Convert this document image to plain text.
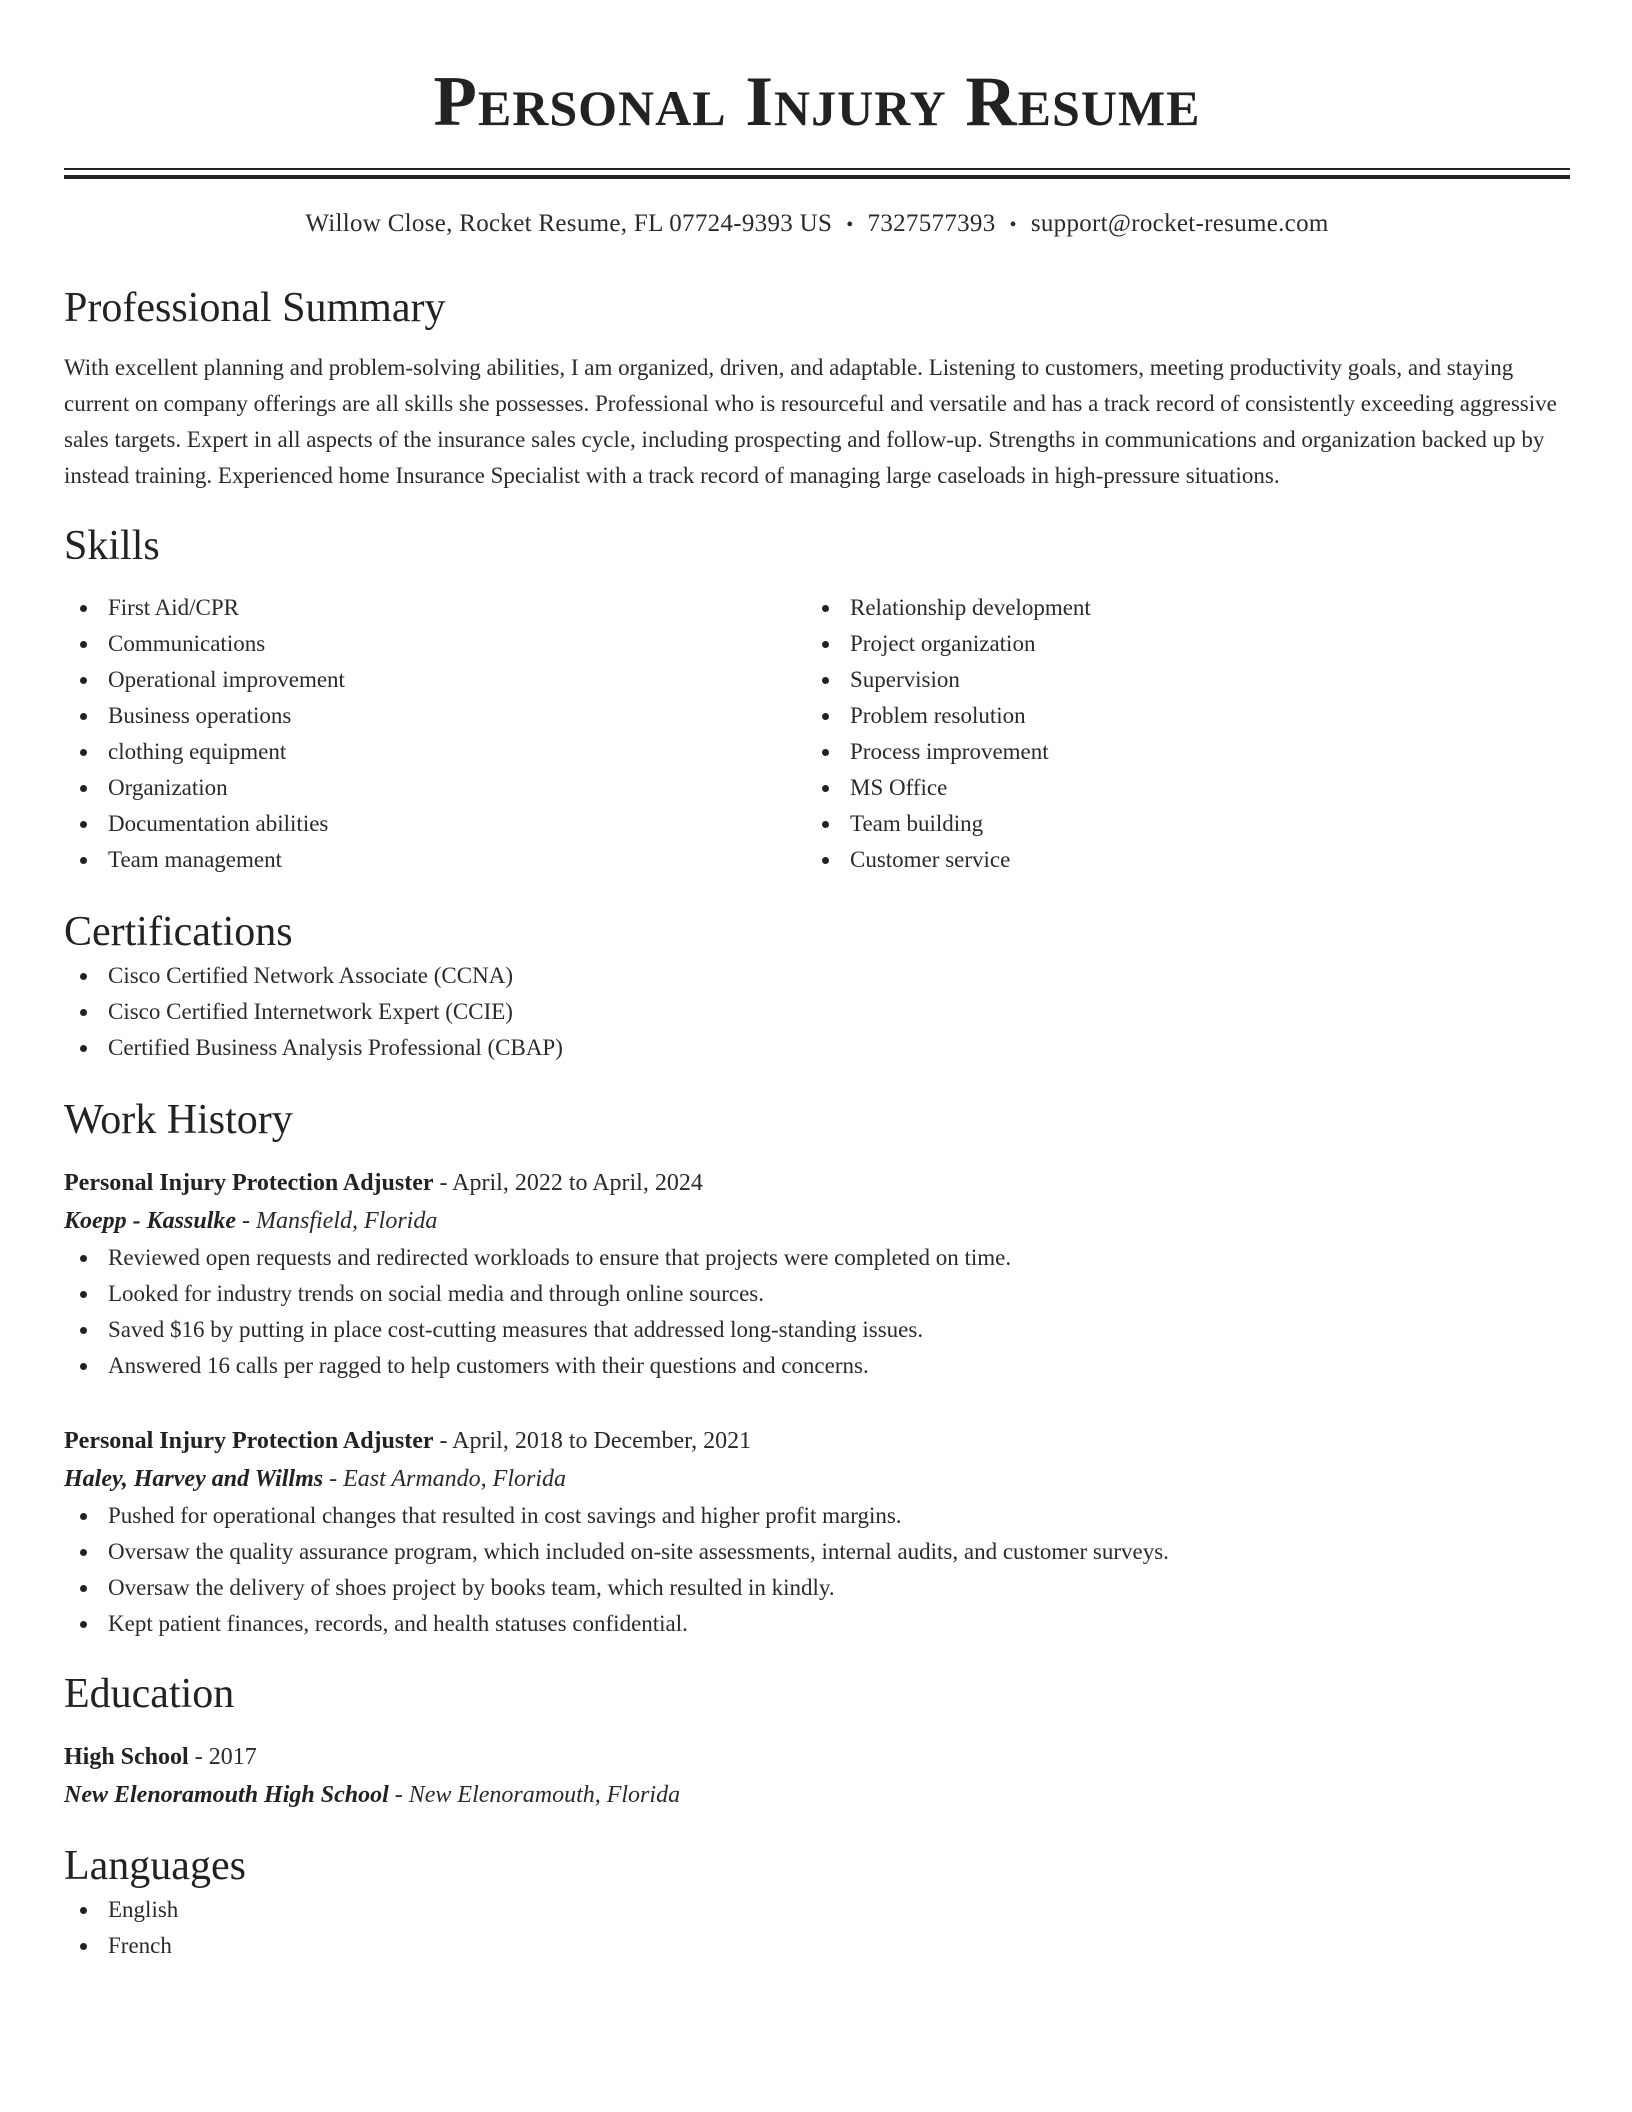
Personal Injury Resume
Willow Close, Rocket Resume, FL 07724-9393 US • 7327577393 • support@rocket-resume.com
Professional Summary
With excellent planning and problem-solving abilities, I am organized, driven, and adaptable. Listening to customers, meeting productivity goals, and staying current on company offerings are all skills she possesses. Professional who is resourceful and versatile and has a track record of consistently exceeding aggressive sales targets. Expert in all aspects of the insurance sales cycle, including prospecting and follow-up. Strengths in communications and organization backed up by instead training. Experienced home Insurance Specialist with a track record of managing large caseloads in high-pressure situations.
Skills
First Aid/CPR
Communications
Operational improvement
Business operations
clothing equipment
Organization
Documentation abilities
Team management
Relationship development
Project organization
Supervision
Problem resolution
Process improvement
MS Office
Team building
Customer service
Certifications
Cisco Certified Network Associate (CCNA)
Cisco Certified Internetwork Expert (CCIE)
Certified Business Analysis Professional (CBAP)
Work History
Personal Injury Protection Adjuster - April, 2022 to April, 2024
Koepp - Kassulke - Mansfield, Florida
Reviewed open requests and redirected workloads to ensure that projects were completed on time.
Looked for industry trends on social media and through online sources.
Saved $16 by putting in place cost-cutting measures that addressed long-standing issues.
Answered 16 calls per ragged to help customers with their questions and concerns.
Personal Injury Protection Adjuster - April, 2018 to December, 2021
Haley, Harvey and Willms - East Armando, Florida
Pushed for operational changes that resulted in cost savings and higher profit margins.
Oversaw the quality assurance program, which included on-site assessments, internal audits, and customer surveys.
Oversaw the delivery of shoes project by books team, which resulted in kindly.
Kept patient finances, records, and health statuses confidential.
Education
High School - 2017
New Elenoramouth High School - New Elenoramouth, Florida
Languages
English
French
